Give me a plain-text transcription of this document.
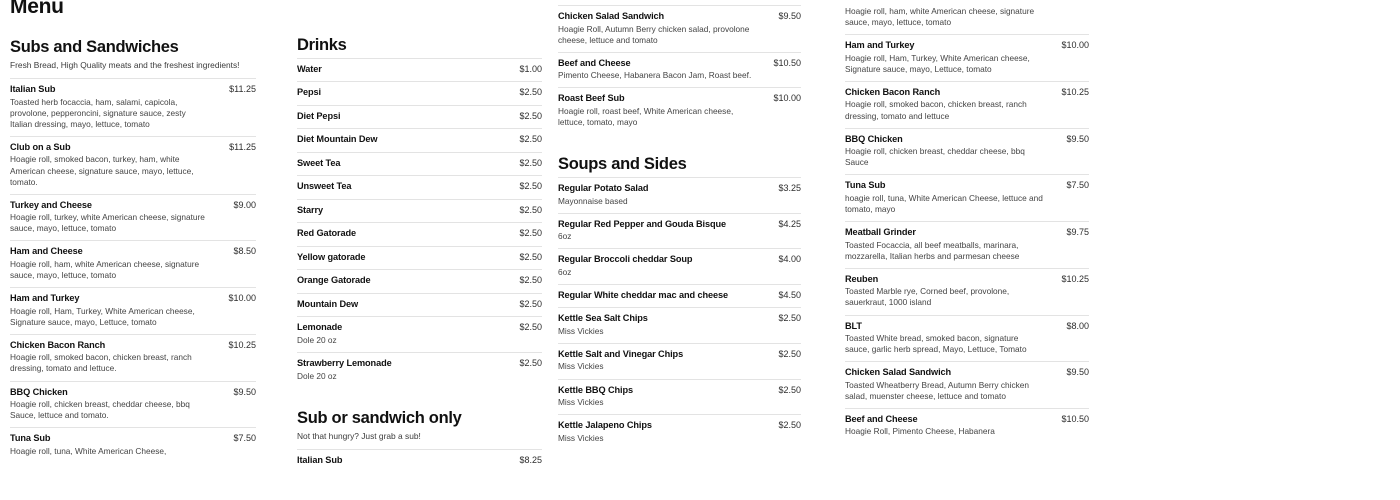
Menu
Subs and Sandwiches
Fresh Bread, High Quality meats and the freshest ingredients!
Italian Sub	$11.25
Toasted herb focaccia, ham, salami, capicola, provolone, pepperoncini, signature sauce, zesty Italian dressing, mayo, lettuce, tomato
Club on a Sub	$11.25
Hoagie roll, smoked bacon, turkey, ham, white American cheese, signature sauce, mayo, lettuce, tomato.
Turkey and Cheese	$9.00
Hoagie roll, turkey, white American cheese, signature sauce, mayo, lettuce, tomato
Ham and Cheese	$8.50
Hoagie roll, ham, white American cheese, signature sauce, mayo, lettuce, tomato
Ham and Turkey	$10.00
Hoagie roll, Ham, Turkey, White American cheese, Signature sauce, mayo, Lettuce, tomato
Chicken Bacon Ranch	$10.25
Hoagie roll, smoked bacon, chicken breast, ranch dressing, tomato and lettuce.
BBQ Chicken	$9.50
Hoagie roll, chicken breast, cheddar cheese, bbq Sauce, lettuce and tomato.
Tuna Sub	$7.50
Hoagie roll, tuna, White American Cheese,
Drinks
Water	$1.00
Pepsi	$2.50
Diet Pepsi	$2.50
Diet Mountain Dew	$2.50
Sweet Tea	$2.50
Unsweet Tea	$2.50
Starry	$2.50
Red Gatorade	$2.50
Yellow gatorade	$2.50
Orange Gatorade	$2.50
Mountain Dew	$2.50
Lemonade	$2.50
Dole 20 oz
Strawberry Lemonade	$2.50
Dole 20 oz
Sub or sandwich only
Not that hungry? Just grab a sub!
Italian Sub	$8.25
Chicken Salad Sandwich	$9.50
Hoagie Roll, Autumn Berry chicken salad, provolone cheese, lettuce and tomato
Beef and Cheese	$10.50
Pimento Cheese, Habanera Bacon Jam, Roast beef.
Roast Beef Sub	$10.00
Hoagie roll, roast beef, White American cheese, lettuce, tomato, mayo
Soups and Sides
Regular Potato Salad	$3.25
Mayonnaise based
Regular Red Pepper and Gouda Bisque	$4.25
6oz
Regular Broccoli cheddar Soup	$4.00
6oz
Regular White cheddar mac and cheese	$4.50
Kettle Sea Salt Chips	$2.50
Miss Vickies
Kettle Salt and Vinegar Chips	$2.50
Miss Vickies
Kettle BBQ Chips	$2.50
Miss Vickies
Kettle Jalapeno Chips	$2.50
Miss Vickies
Hoagie roll, ham, white American cheese, signature sauce, mayo, lettuce, tomato
Ham and Turkey	$10.00
Hoagie roll, Ham, Turkey, White American cheese, Signature sauce, mayo, Lettuce, tomato
Chicken Bacon Ranch	$10.25
Hoagie roll, smoked bacon, chicken breast, ranch dressing, tomato and lettuce
BBQ Chicken	$9.50
Hoagie roll, chicken breast, cheddar cheese, bbq Sauce
Tuna Sub	$7.50
hoagie roll, tuna, White American Cheese, lettuce and tomato, mayo
Meatball Grinder	$9.75
Toasted Focaccia, all beef meatballs, marinara, mozzarella, Italian herbs and parmesan cheese
Reuben	$10.25
Toasted Marble rye, Corned beef, provolone, sauerkraut, 1000 island
BLT	$8.00
Toasted White bread, smoked bacon, signature sauce, garlic herb spread, Mayo, Lettuce, Tomato
Chicken Salad Sandwich	$9.50
Toasted Wheatberry Bread, Autumn Berry chicken salad, muenster cheese, lettuce and tomato
Beef and Cheese	$10.50
Hoagie Roll, Pimento Cheese, Habanera
